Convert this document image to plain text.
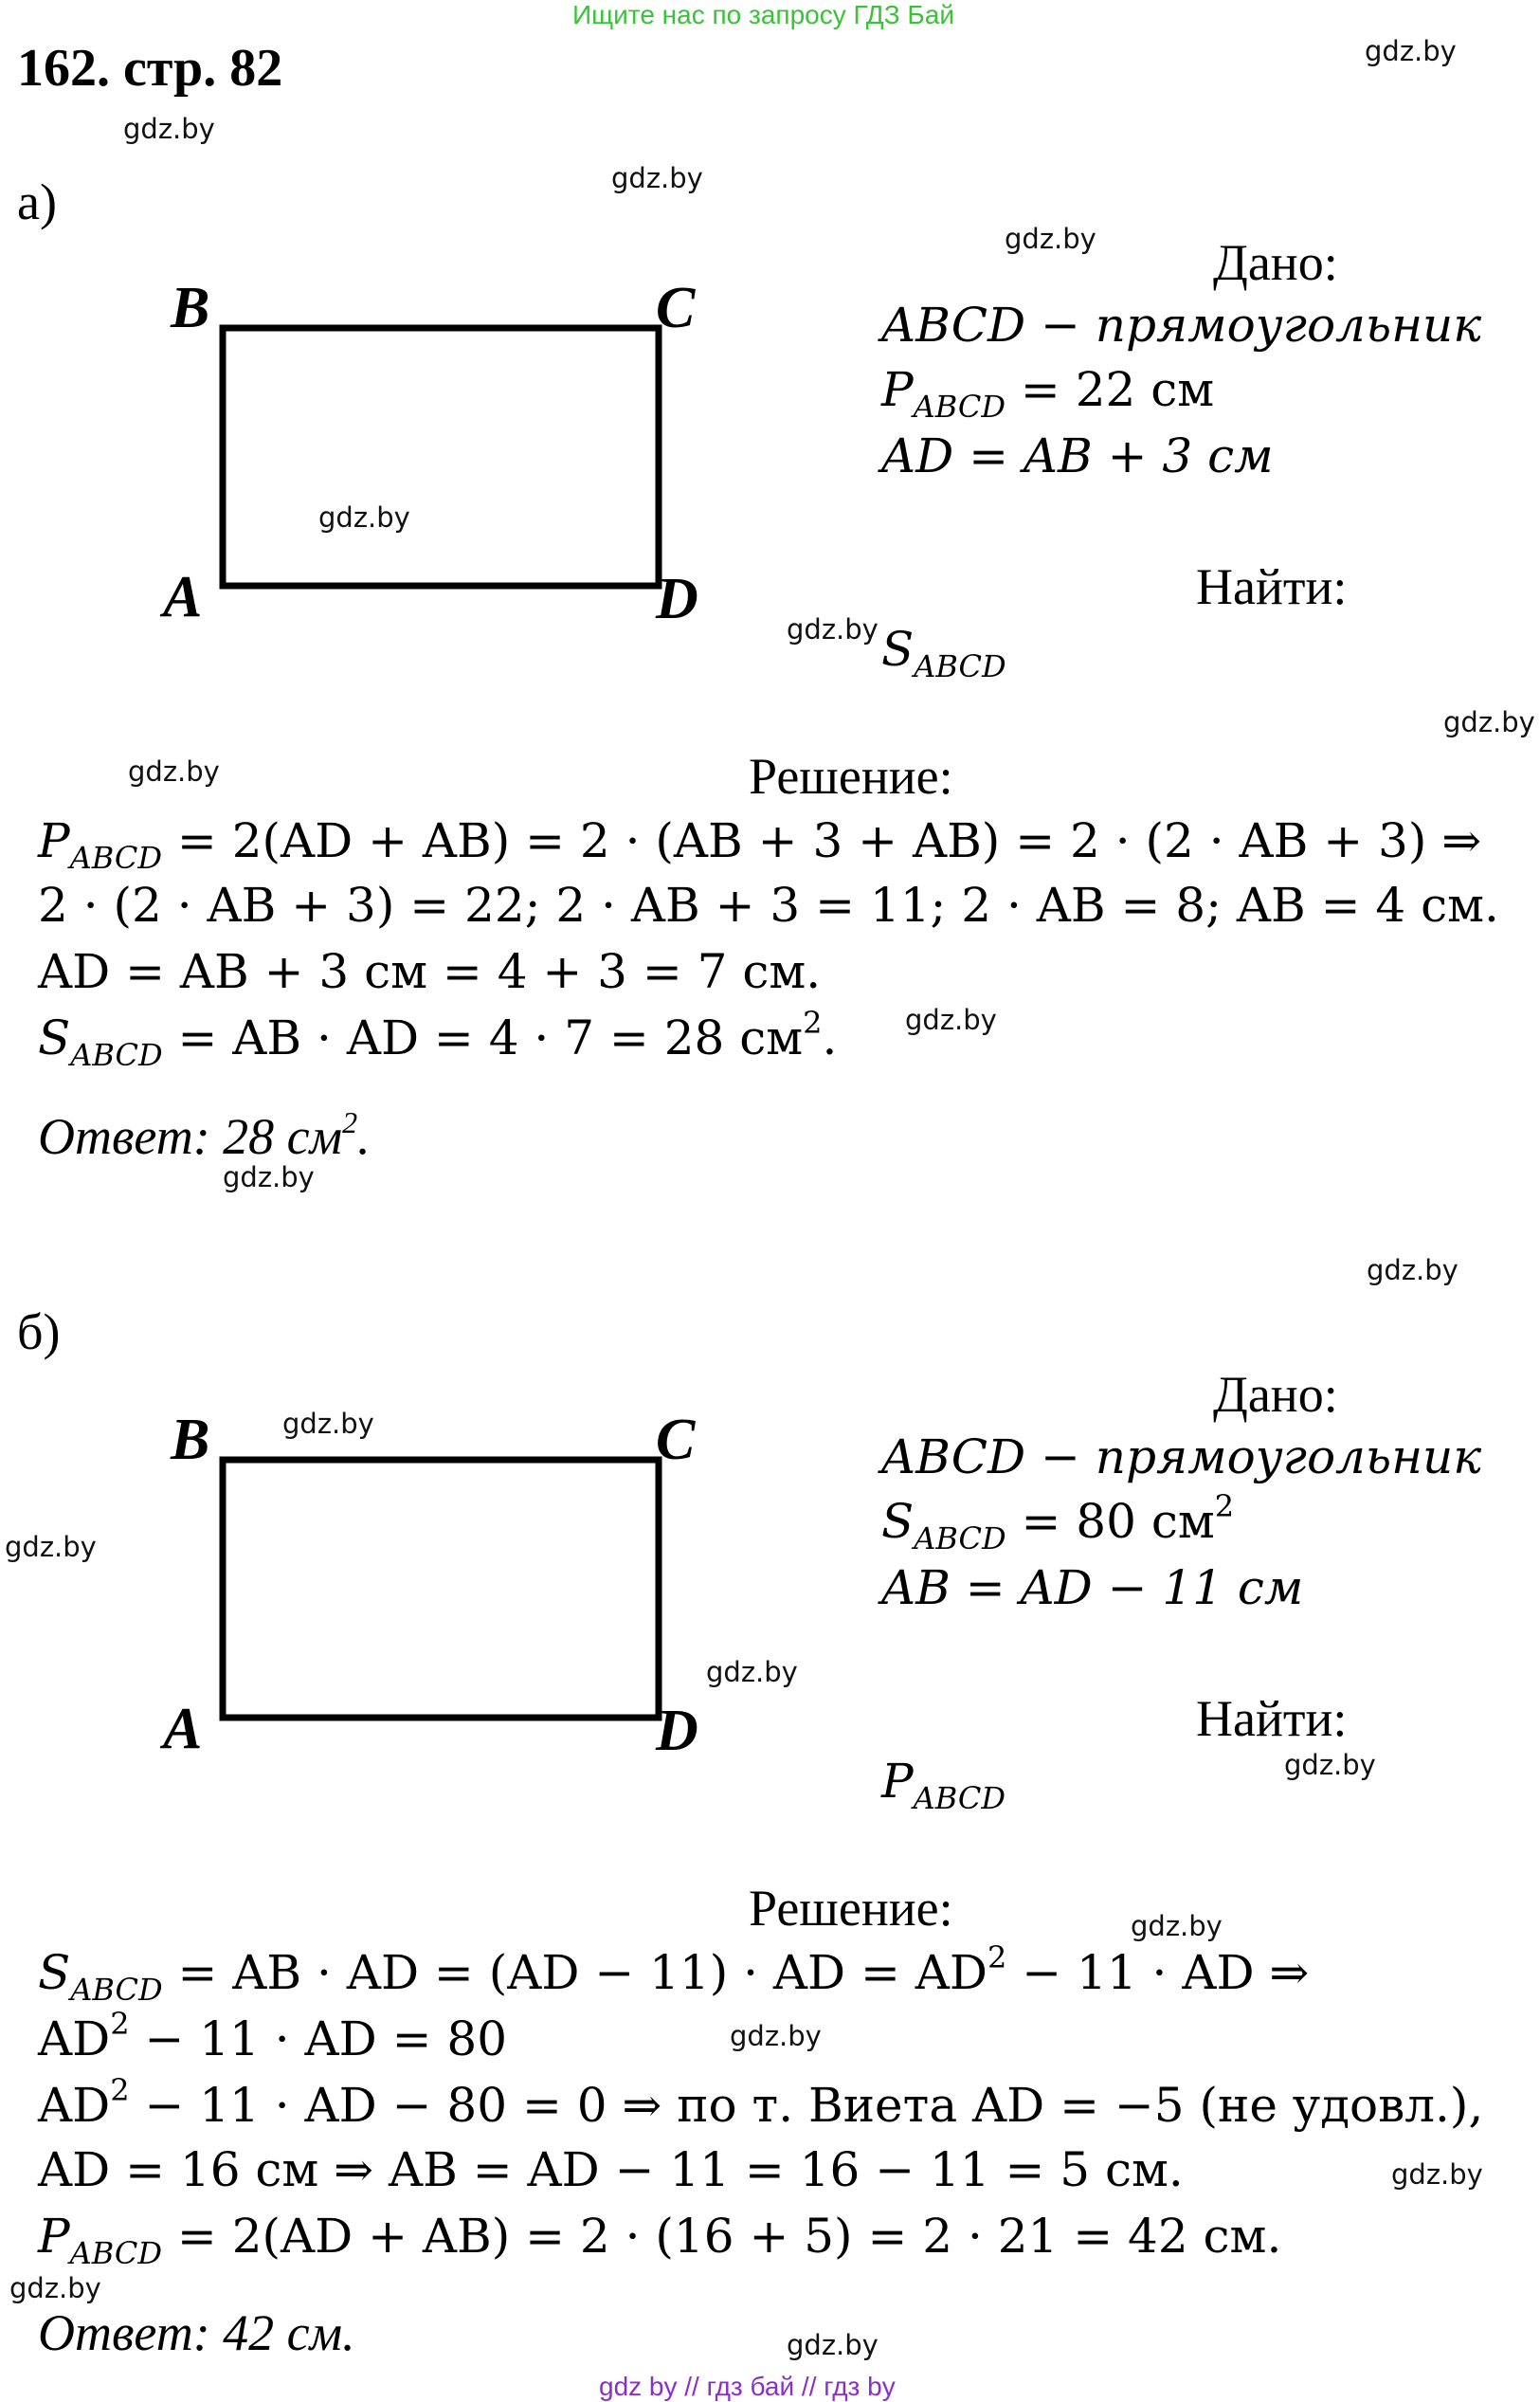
Ищите нас по запросу ГДЗ Бай
gdz by // гдз бай // гдз by
162. стр. 82	gdz.by
gdz.by
gdz.by
gdz.by
gdz.by
gdz.by
gdz.by
gdz.by
gdz.by
gdz.by
gdz.by
gdz.by
gdz.by
gdz.by
gdz.by
gdz.by
gdz.by
gdz.by
gdz.by
gdz.by
а)
B	C
A	D
Дано:
ABCD − прямоугольник
$P_{ABCD} = 22$ см
AD = AB + 3 см
Найти:
$S_{ABCD}$
Решение:
$P_{ABCD} = 2(AD + AB) = 2 \cdot (AB + 3 + AB) = 2 \cdot (2$ · AB + 3) ⇒
2 · (2 · AB + 3) = 22; 2 · AB + 3 = 11; 2 · AB = 8; AB = 4 см.
AD = AB + 3 см = 4 + 3 = 7 см.
$S_{ABCD}$ = AB · AD = 4 · 7 = 28 $см^2$.
Ответ: 28 $см^2$.
б)
B	C
A	D
Дано:
ABCD − прямоугольник
$S_{ABCD} = 80$ $см^2$
AB = AD − 11 см
Найти:
$P_{ABCD}$
Решение:
$S_{ABCD}$ = AB · AD = (AD − 11) · AD = $AD^2 - 11$ · AD ⇒
$AD^2 - 11$ · AD = 80
$AD^2 - 11$ · AD − 80 = 0 ⇒ по т. Виета AD = −5 (не удовл.),
AD = 16 см ⇒ AB = AD − 11 = 16 − 11 = 5 см.
$P_{ABCD} = 2(AD + AB) = 2 \cdot (16 + 5) = 2 \cdot 21 = 42$ см.
Ответ: 42 см.
